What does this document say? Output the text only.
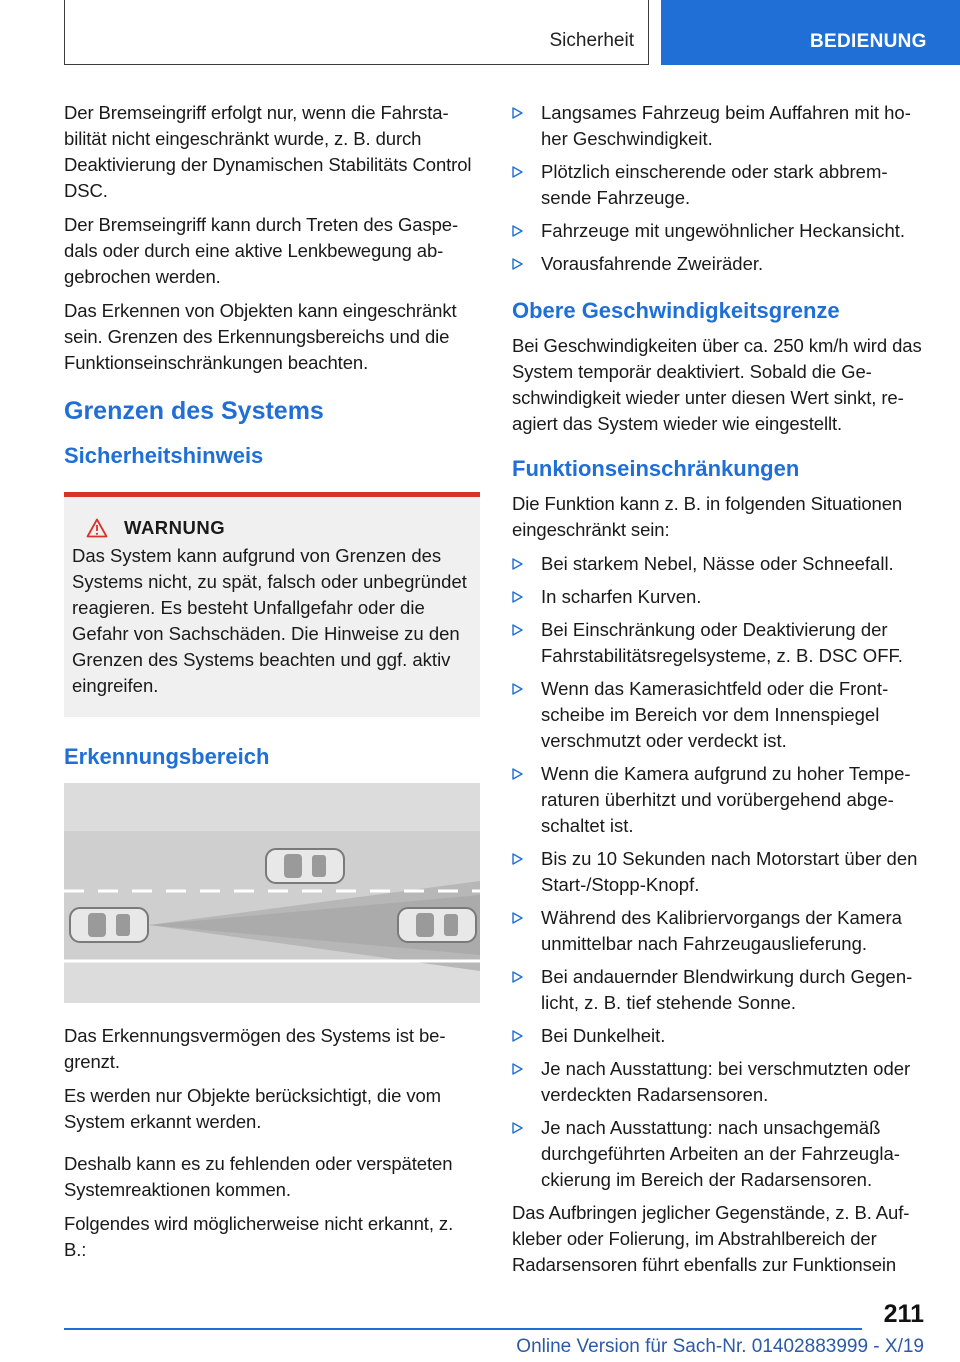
Sicherheit	BEDIENUNG

Der Bremseingriff erfolgt nur, wenn die Fahrstabilität nicht eingeschränkt wurde, z. B. durch Deaktivierung der Dynamischen Stabilitäts Control DSC.

Der Bremseingriff kann durch Treten des Gaspedals oder durch eine aktive Lenkbewegung abgebrochen werden.

Das Erkennen von Objekten kann eingeschränkt sein. Grenzen des Erkennungsbereichs und die Funktionseinschränkungen beachten.

Grenzen des Systems
Sicherheitshinweis
WARNUNG

Das System kann aufgrund von Grenzen des Systems nicht, zu spät, falsch oder unbegründet reagieren. Es besteht Unfallgefahr oder die Gefahr von Sachschäden. Die Hinweise zu den Grenzen des Systems beachten und ggf. aktiv eingreifen.

Erkennungsbereich

Das Erkennungsvermögen des Systems ist begrenzt.

Es werden nur Objekte berücksichtigt, die vom System erkannt werden.

Deshalb kann es zu fehlenden oder verspäteten Systemreaktionen kommen.

Folgendes wird möglicherweise nicht erkannt, z. B.:

Langsames Fahrzeug beim Auffahren mit hoher Geschwindigkeit.
Plötzlich einscherende oder stark abbremsende Fahrzeuge.
Fahrzeuge mit ungewöhnlicher Heckansicht.
Vorausfahrende Zweiräder.
Obere Geschwindigkeitsgrenze

Bei Geschwindigkeiten über ca. 250 km/h wird das System temporär deaktiviert. Sobald die Geschwindigkeit wieder unter diesen Wert sinkt, reagiert das System wieder wie eingestellt.

Funktionseinschränkungen

Die Funktion kann z. B. in folgenden Situationen eingeschränkt sein:

Bei starkem Nebel, Nässe oder Schneefall.
In scharfen Kurven.
Bei Einschränkung oder Deaktivierung der Fahrstabilitätsregelsysteme, z. B. DSC OFF.
Wenn das Kamerasichtfeld oder die Frontscheibe im Bereich vor dem Innenspiegel verschmutzt oder verdeckt ist.
Wenn die Kamera aufgrund zu hoher Temperaturen überhitzt und vorübergehend abgeschaltet ist.
Bis zu 10 Sekunden nach Motorstart über den Start-/Stopp-Knopf.
Während des Kalibriervorgangs der Kamera unmittelbar nach Fahrzeugauslieferung.
Bei andauernder Blendwirkung durch Gegenlicht, z. B. tief stehende Sonne.
Bei Dunkelheit.
Je nach Ausstattung: bei verschmutzten oder verdeckten Radarsensoren.
Je nach Ausstattung: nach unsachgemäß durchgeführten Arbeiten an der Fahrzeuglackierung im Bereich der Radarsensoren.

Das Aufbringen jeglicher Gegenstände, z. B. Aufkleber oder Folierung, im Abstrahlbereich der Radarsensoren führt ebenfalls zur Funktionsein

211
Online Version für Sach-Nr. 01402883999 - X/19
